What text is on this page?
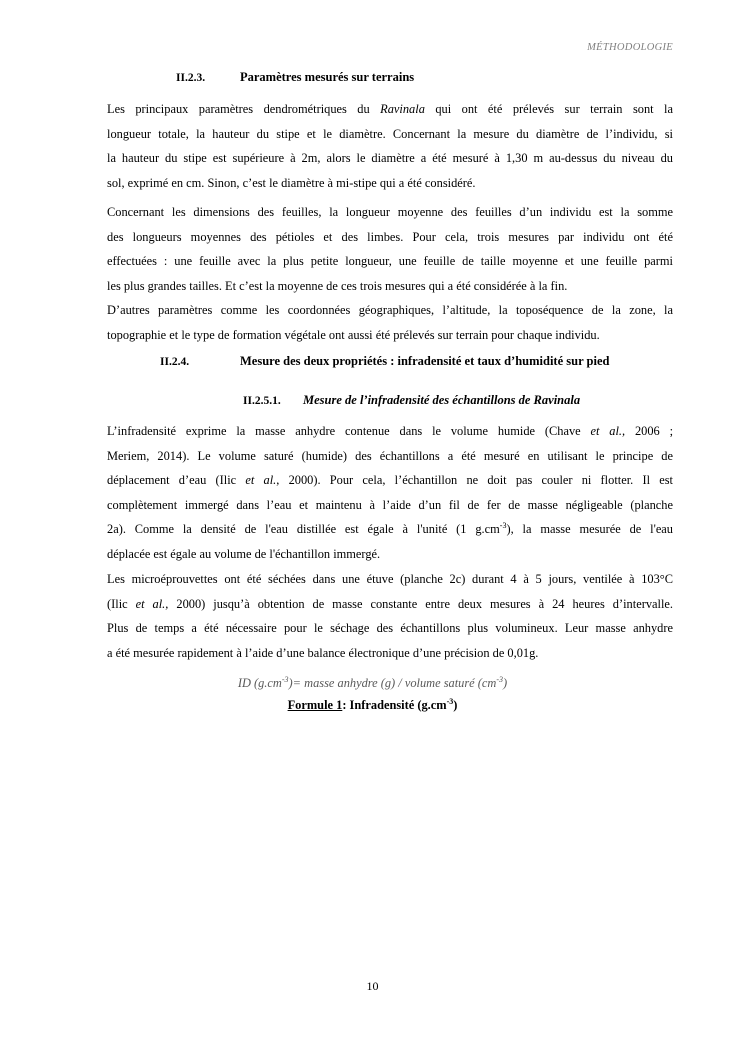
MÉTHODOLOGIE
II.2.3.	Paramètres mesurés sur terrains
Les principaux paramètres dendrométriques du Ravinala qui ont été prélevés sur terrain sont la
longueur totale, la hauteur du stipe et le diamètre. Concernant la mesure du diamètre de l’individu, si
la hauteur du stipe est supérieure à 2m, alors le diamètre a été mesuré à 1,30 m au-dessus du niveau du
sol, exprimé en cm. Sinon, c’est le diamètre à mi-stipe qui a été considéré.
Concernant les dimensions des feuilles, la longueur moyenne des feuilles d’un individu est la somme
des longueurs moyennes des pétioles et des limbes. Pour cela, trois mesures par individu ont été
effectuées : une feuille avec la plus petite longueur, une feuille de taille moyenne et une feuille parmi
les plus grandes tailles. Et c’est la moyenne de ces trois mesures qui a été considérée à la fin.
D’autres paramètres comme les coordonnées géographiques, l’altitude, la toposéquence de la zone, la
topographie et le type de formation végétale ont aussi été prélevés sur terrain pour chaque individu.
II.2.4.	Mesure des deux propriétés : infradensité et taux d’humidité sur pied
II.2.5.1. Mesure de l’infradensité des échantillons de Ravinala
L’infradensité exprime la masse anhydre contenue dans le volume humide (Chave et al., 2006 ;
Meriem, 2014). Le volume saturé (humide) des échantillons a été mesuré en utilisant le principe de
déplacement d’eau (Ilic et al., 2000). Pour cela, l’échantillon ne doit pas couler ni flotter. Il est
complètement immergé dans l’eau et maintenu à l’aide d’un fil de fer de masse négligeable (planche
2a). Comme la densité de l'eau distillée est égale à l'unité (1 $g.cm^{-3}$), la masse mesurée de l'eau
déplacée est égale au volume de l'échantillon immergé.
Les microéprouvettes ont été séchées dans une étuve (planche 2c) durant 4 à 5 jours, ventilée à 103°C
(Ilic et al., 2000) jusqu’à obtention de masse constante entre deux mesures à 24 heures d’intervalle.
Plus de temps a été nécessaire pour le séchage des échantillons plus volumineux. Leur masse anhydre
a été mesurée rapidement à l’aide d’une balance électronique d’une précision de 0,01g.
ID $(g.cm^{-3})=$ masse anhydre (g) / volume saturé $(cm^{-3})$
Formule 1: Infradensité $(g.cm^{-3})$
10
